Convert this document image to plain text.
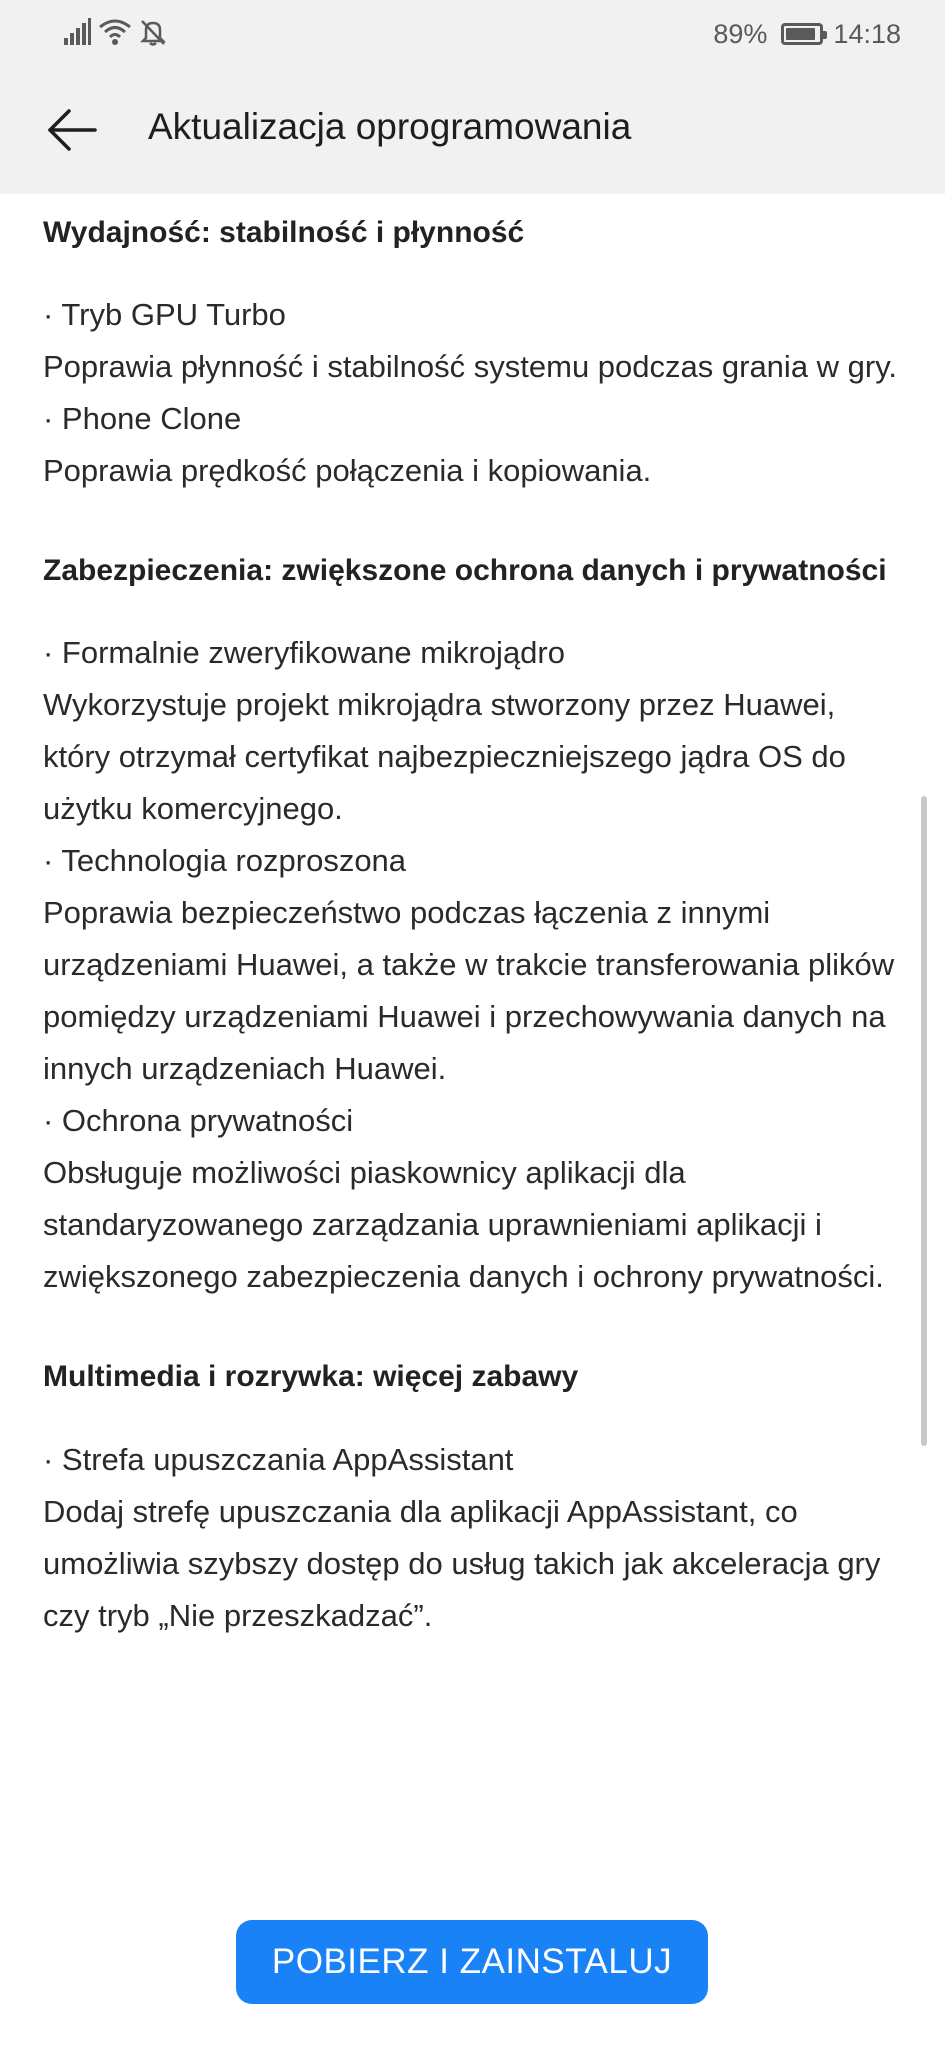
89% 14:18
Aktualizacja oprogramowania
Wydajność: stabilność i płynność

· Tryb GPU Turbo

Poprawia płynność i stabilność systemu podczas grania w gry.

· Phone Clone

Poprawia prędkość połączenia i kopiowania.

Zabezpieczenia: zwiększone ochrona danych i prywatności

· Formalnie zweryfikowane mikrojądro

Wykorzystuje projekt mikrojądra stworzony przez Huawei, który otrzymał certyfikat najbezpieczniejszego jądra OS do użytku komercyjnego.

· Technologia rozproszona

Poprawia bezpieczeństwo podczas łączenia z innymi urządzeniami Huawei, a także w trakcie transferowania plików pomiędzy urządzeniami Huawei i przechowywania danych na innych urządzeniach Huawei.

· Ochrona prywatności

Obsługuje możliwości piaskownicy aplikacji dla standaryzowanego zarządzania uprawnieniami aplikacji i zwiększonego zabezpieczenia danych i ochrony prywatności.

Multimedia i rozrywka: więcej zabawy

· Strefa upuszczania AppAssistant

Dodaj strefę upuszczania dla aplikacji AppAssistant, co umożliwia szybszy dostęp do usług takich jak akceleracja gry czy tryb „Nie przeszkadzać”.

POBIERZ I ZAINSTALUJ
